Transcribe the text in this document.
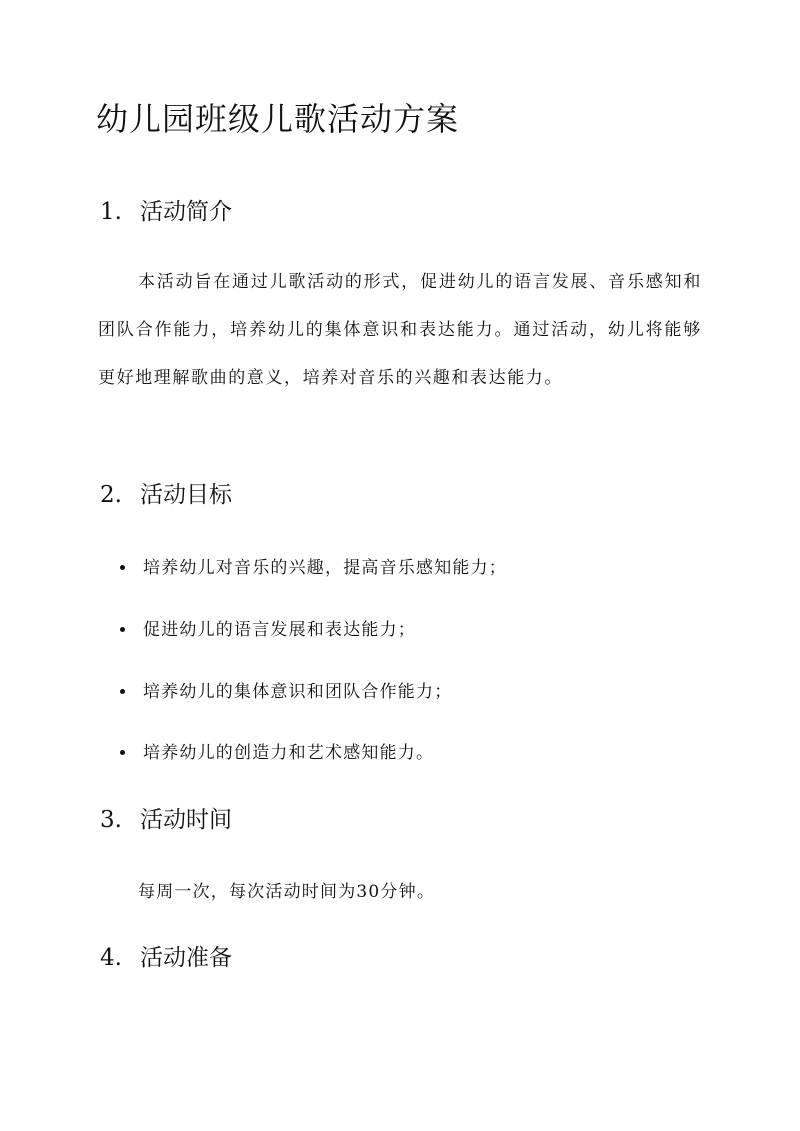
幼儿园班级儿歌活动方案
1. 活动简介

本活动旨在通过儿歌活动的形式，促进幼儿的语言发展、音乐感知和团队合作能力，培养幼儿的集体意识和表达能力。通过活动，幼儿将能够更好地理解歌曲的意义，培养对音乐的兴趣和表达能力。

2. 活动目标
培养幼儿对音乐的兴趣，提高音乐感知能力；
促进幼儿的语言发展和表达能力；
培养幼儿的集体意识和团队合作能力；
培养幼儿的创造力和艺术感知能力。
3. 活动时间

每周一次，每次活动时间为30分钟。

4. 活动准备
